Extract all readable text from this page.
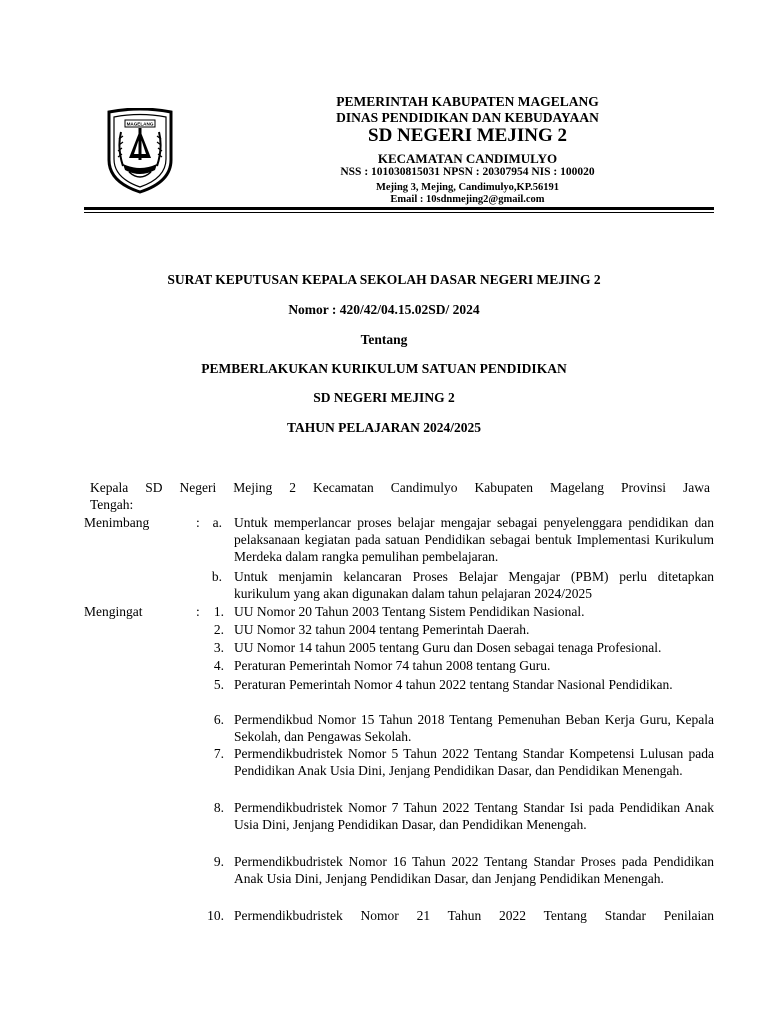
MAGELANG
PEMERINTAH KABUPATEN MAGELANG
DINAS PENDIDIKAN DAN KEBUDAYAAN
SD NEGERI MEJING 2
KECAMATAN CANDIMULYO
NSS : 101030815031 NPSN : 20307954 NIS : 100020
Mejing 3, Mejing, Candimulyo,KP.56191
Email : 10sdnmejing2@gmail.com
SURAT KEPUTUSAN KEPALA SEKOLAH DASAR NEGERI MEJING 2
Nomor : 420/42/04.15.02SD/ 2024
Tentang
PEMBERLAKUKAN KURIKULUM SATUAN PENDIDIKAN
SD NEGERI MEJING 2
TAHUN PELAJARAN 2024/2025
Kepala SD Negeri Mejing 2 Kecamatan Candimulyo Kabupaten Magelang Provinsi Jawa
Tengah:
Menimbang	: a. Untuk memperlancar proses belajar mengajar sebagai penyelenggara pendidikan dan pelaksanaan kegiatan pada satuan Pendidikan sebagai bentuk Implementasi Kurikulum Merdeka dalam rangka pemulihan pembelajaran.
b. Untuk menjamin kelancaran Proses Belajar Mengajar (PBM) perlu ditetapkan kurikulum yang akan digunakan dalam tahun pelajaran 2024/2025
Mengingat	:	1. UU Nomor 20 Tahun 2003 Tentang Sistem Pendidikan Nasional.
2. UU Nomor 32 tahun 2004 tentang Pemerintah Daerah.
3. UU Nomor 14 tahun 2005 tentang Guru dan Dosen sebagai tenaga Profesional.
4. Peraturan Pemerintah Nomor 74 tahun 2008 tentang Guru.
5. Peraturan Pemerintah Nomor 4 tahun 2022 tentang Standar Nasional Pendidikan.
6. Permendikbud Nomor 15 Tahun 2018 Tentang Pemenuhan Beban Kerja Guru, Kepala Sekolah, dan Pengawas Sekolah.
7. Permendikbudristek Nomor 5 Tahun 2022 Tentang Standar Kompetensi Lulusan pada Pendidikan Anak Usia Dini, Jenjang Pendidikan Dasar, dan Pendidikan Menengah.
8. Permendikbudristek Nomor 7 Tahun 2022 Tentang Standar Isi pada Pendidikan Anak Usia Dini, Jenjang Pendidikan Dasar, dan Pendidikan Menengah.
9. Permendikbudristek Nomor 16 Tahun 2022 Tentang Standar Proses pada Pendidikan Anak Usia Dini, Jenjang Pendidikan Dasar, dan Jenjang Pendidikan Menengah.
10. Permendikbudristek Nomor 21 Tahun 2022 Tentang Standar Penilaian
